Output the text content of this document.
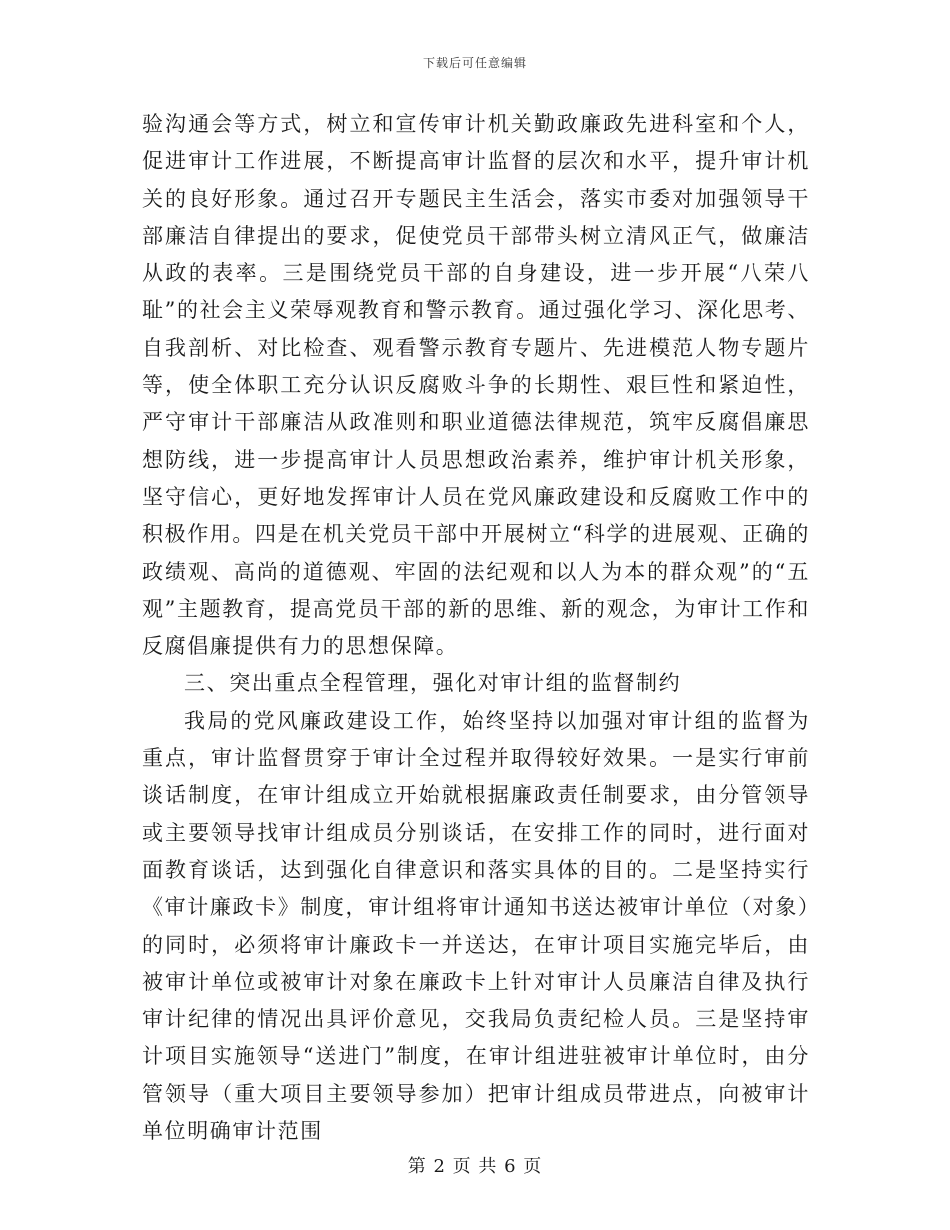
下载后可任意编辑

验沟通会等方式，树立和宣传审计机关勤政廉政先进科室和个人，促进审计工作进展，不断提高审计监督的层次和水平，提升审计机关的良好形象。通过召开专题民主生活会，落实市委对加强领导干部廉洁自律提出的要求，促使党员干部带头树立清风正气，做廉洁从政的表率。三是围绕党员干部的自身建设，进一步开展“八荣八耻”的社会主义荣辱观教育和警示教育。通过强化学习、深化思考、自我剖析、对比检查、观看警示教育专题片、先进模范人物专题片等，使全体职工充分认识反腐败斗争的长期性、艰巨性和紧迫性，严守审计干部廉洁从政准则和职业道德法律规范，筑牢反腐倡廉思想防线，进一步提高审计人员思想政治素养，维护审计机关形象，坚守信心，更好地发挥审计人员在党风廉政建设和反腐败工作中的积极作用。四是在机关党员干部中开展树立“科学的进展观、正确的政绩观、高尚的道德观、牢固的法纪观和以人为本的群众观”的“五观”主题教育，提高党员干部的新的思维、新的观念，为审计工作和反腐倡廉提供有力的思想保障。

三、突出重点全程管理，强化对审计组的监督制约

我局的党风廉政建设工作，始终坚持以加强对审计组的监督为重点，审计监督贯穿于审计全过程并取得较好效果。一是实行审前谈话制度，在审计组成立开始就根据廉政责任制要求，由分管领导或主要领导找审计组成员分别谈话，在安排工作的同时，进行面对面教育谈话，达到强化自律意识和落实具体的目的。二是坚持实行《审计廉政卡》制度，审计组将审计通知书送达被审计单位（对象）的同时，必须将审计廉政卡一并送达，在审计项目实施完毕后，由被审计单位或被审计对象在廉政卡上针对审计人员廉洁自律及执行审计纪律的情况出具评价意见，交我局负责纪检人员。三是坚持审计项目实施领导“送进门”制度，在审计组进驻被审计单位时，由分管领导（重大项目主要领导参加）把审计组成员带进点，向被审计单位明确审计范围

第 2 页 共 6 页
